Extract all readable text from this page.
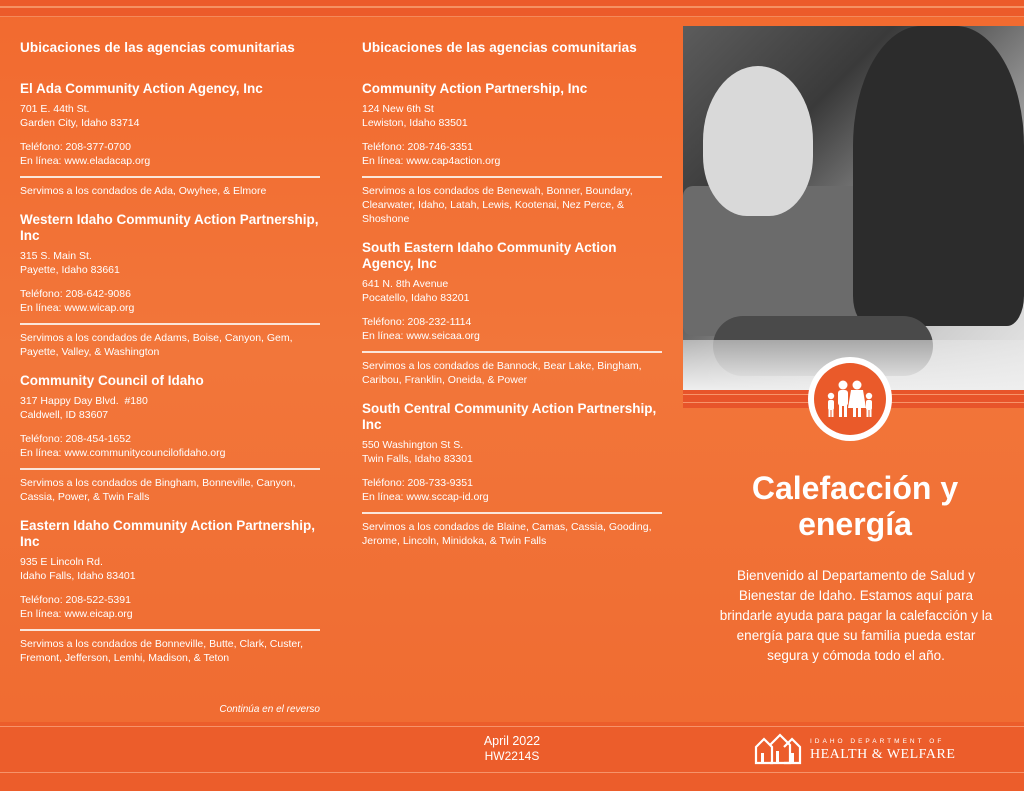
Ubicaciones de las agencias comunitarias
El Ada Community Action Agency, Inc
701 E. 44th St.
Garden City, Idaho 83714
Teléfono: 208-377-0700
En línea: www.eladacap.org
Servimos a los condados de Ada, Owyhee, & Elmore
Western Idaho Community Action Partnership, Inc
315 S. Main St.
Payette, Idaho 83661
Teléfono: 208-642-9086
En línea: www.wicap.org
Servimos a los condados de Adams, Boise, Canyon, Gem, Payette, Valley, & Washington
Community Council of Idaho
317 Happy Day Blvd.  #180
Caldwell, ID 83607
Teléfono: 208-454-1652
En línea: www.communitycouncilofidaho.org
Servimos a los condados de Bingham, Bonneville, Canyon, Cassia, Power, & Twin Falls
Eastern Idaho Community Action Partnership, Inc
935 E Lincoln Rd.
Idaho Falls, Idaho 83401
Teléfono: 208-522-5391
En línea: www.eicap.org
Servimos a los condados de Bonneville, Butte, Clark, Custer, Fremont, Jefferson, Lemhi, Madison, & Teton
Continúa en el reverso
Ubicaciones de las agencias comunitarias
Community Action Partnership, Inc
124 New 6th St
Lewiston, Idaho 83501
Teléfono: 208-746-3351
En línea: www.cap4action.org
Servimos a los condados de Benewah, Bonner, Boundary, Clearwater, Idaho, Latah, Lewis, Kootenai, Nez Perce, & Shoshone
South Eastern Idaho Community Action Agency, Inc
641 N. 8th Avenue
Pocatello, Idaho 83201
Teléfono: 208-232-1114
En línea: www.seicaa.org
Servimos a los condados de Bannock, Bear Lake, Bingham, Caribou, Franklin, Oneida, & Power
South Central Community Action Partnership, Inc
550 Washington St S.
Twin Falls, Idaho 83301
Teléfono: 208-733-9351
En línea: www.sccap-id.org
Servimos a los condados de Blaine, Camas, Cassia, Gooding, Jerome, Lincoln, Minidoka, & Twin Falls
Calefacción y energía
Bienvenido al Departamento de Salud y Bienestar de Idaho. Estamos aquí para brindarle ayuda para pagar la calefacción y la energía para que su familia pueda estar segura y cómoda todo el año.
April 2022
HW2214S
IDAHO DEPARTMENT OF
HEALTH & WELFARE
